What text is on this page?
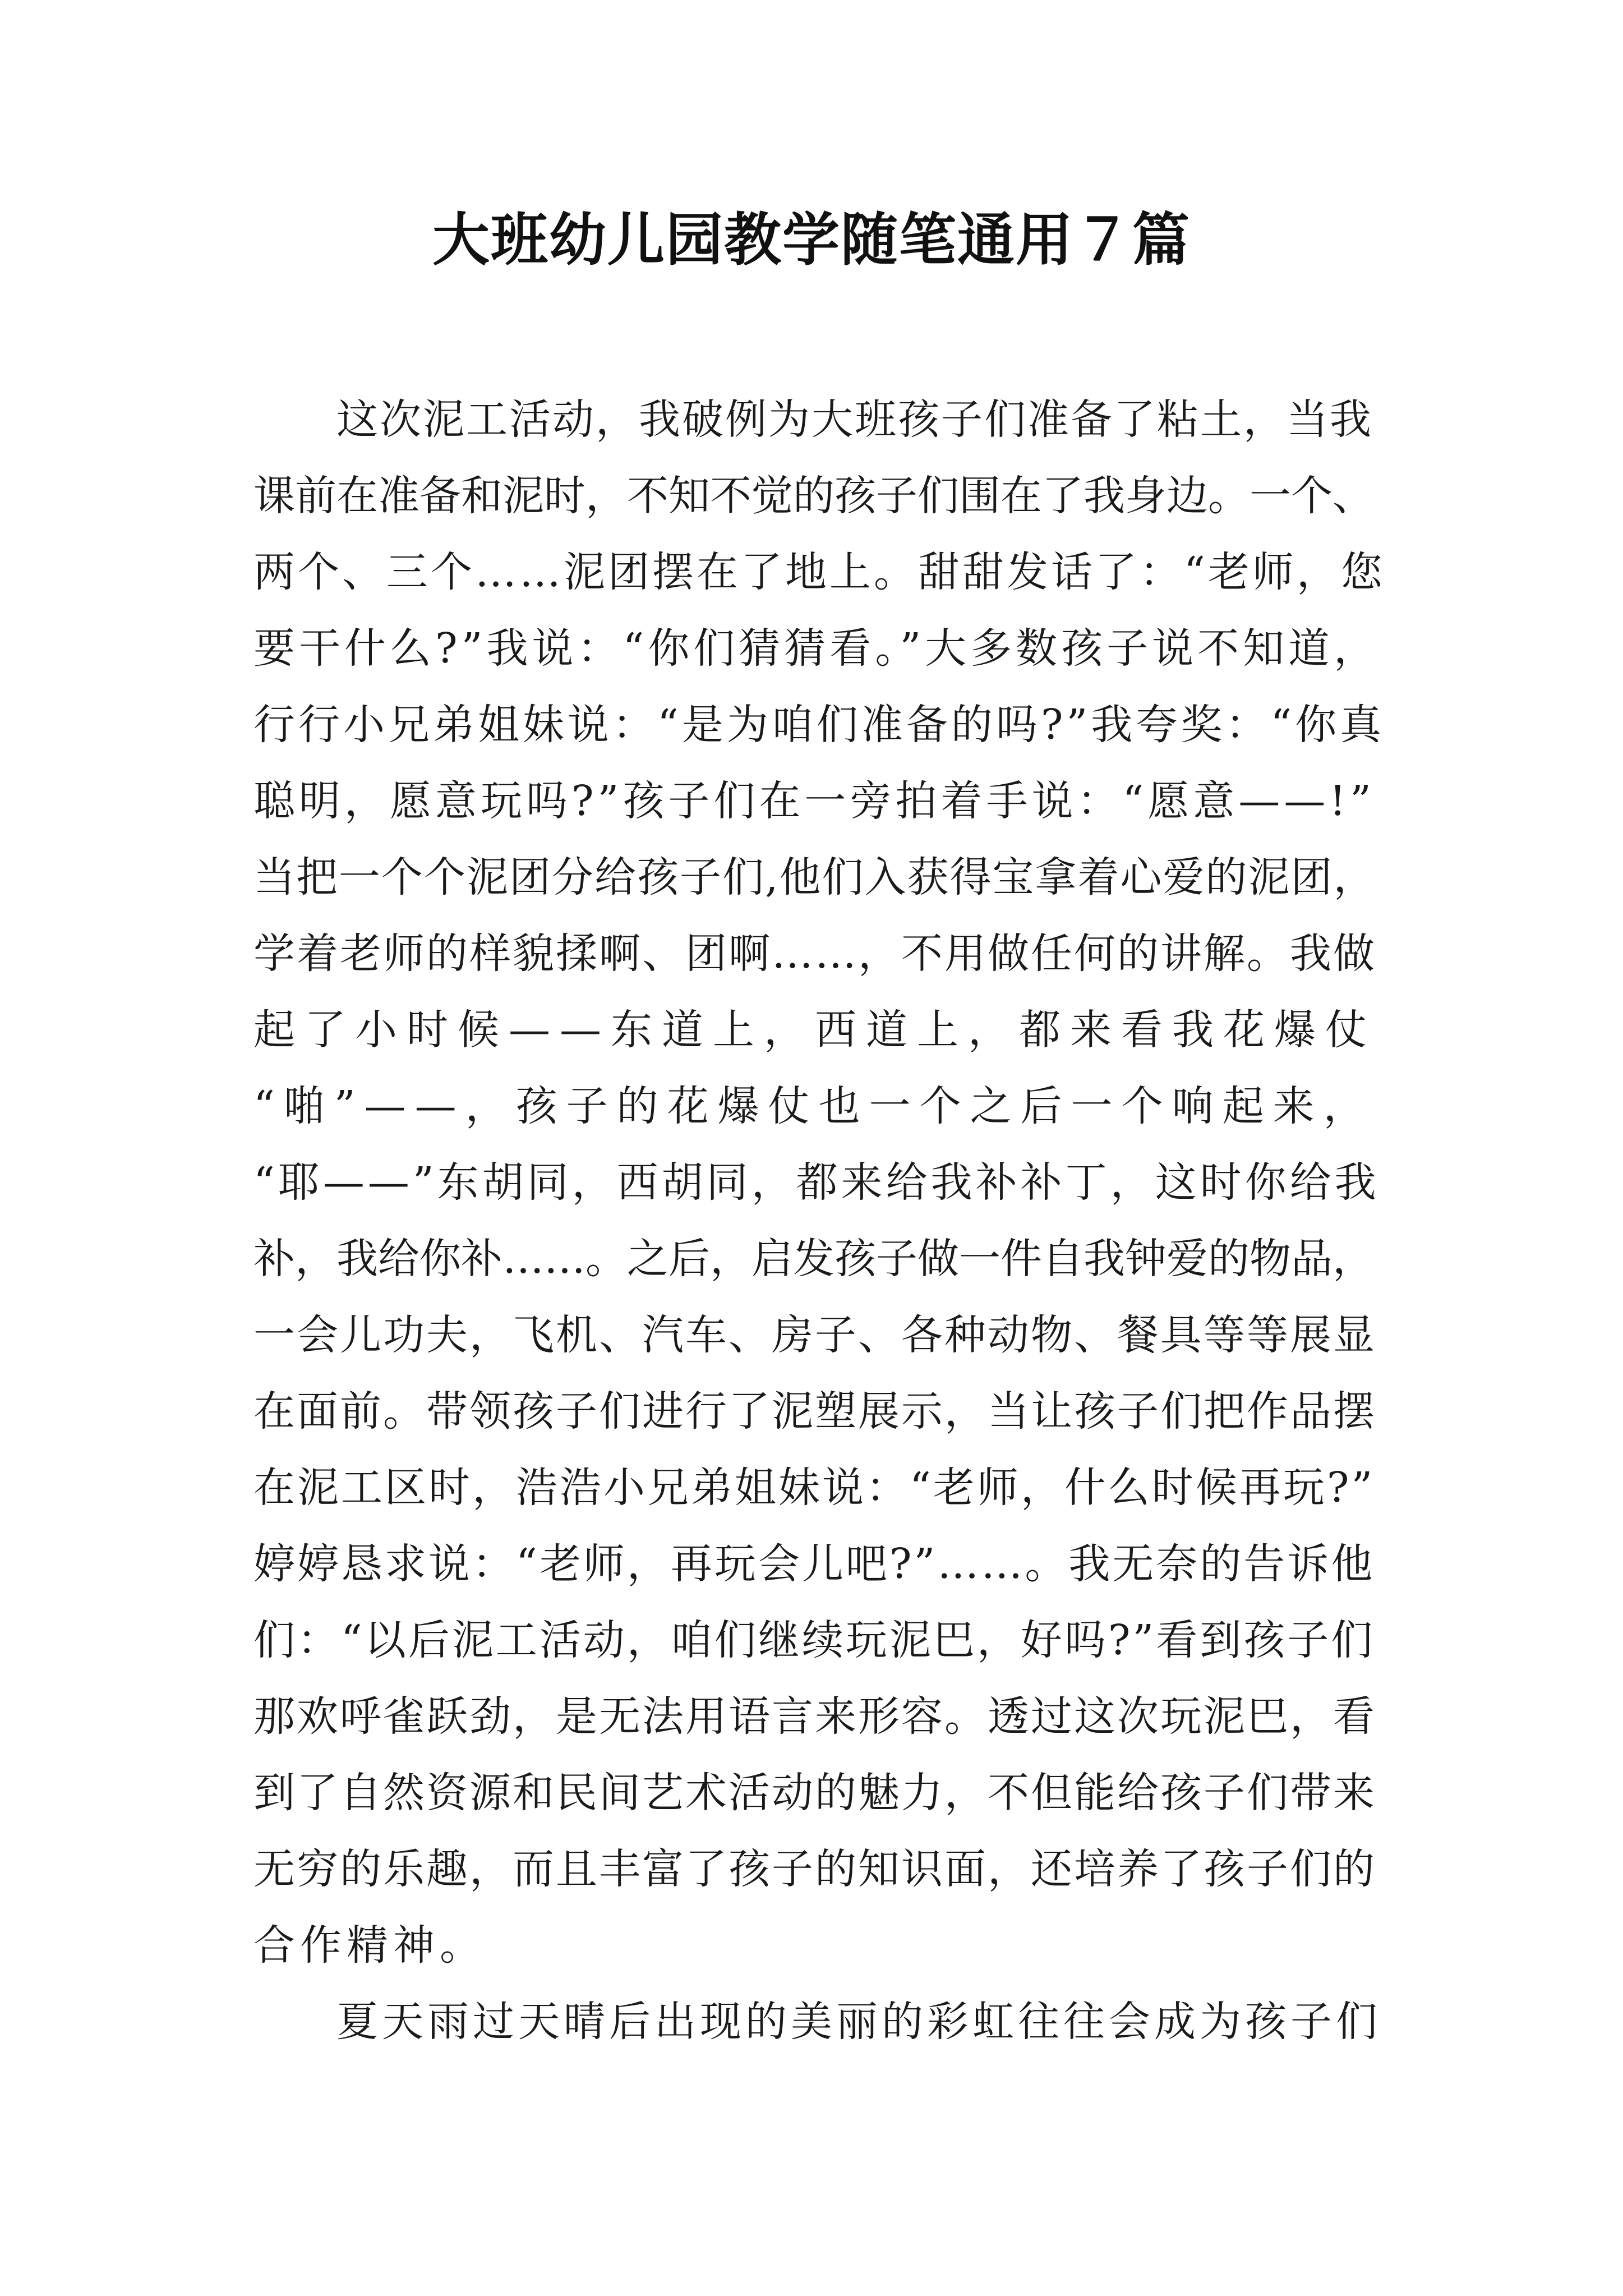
大班幼儿园教学随笔通用７篇
这次泥工活动，我破例为大班孩子们准备了粘土，当我
课前在准备和泥时，不知不觉的孩子们围在了我身边。一个、
两个、三个……泥团摆在了地上。甜甜发话了：“老师，您
要干什么?”我说：“你们猜猜看。”大多数孩子说不知道，
行行小兄弟姐妹说：“是为咱们准备的吗?”我夸奖：“你真
聪明，愿意玩吗?”孩子们在一旁拍着手说：“愿意——!”
当把一个个泥团分给孩子们,他们入获得宝拿着心爱的泥团，
学着老师的样貌揉啊、团啊……，不用做任何的讲解。我做
起了小时候——东道上，西道上，都来看我花爆仗
“啪”——，孩子的花爆仗也一个之后一个响起来，
“耶——”东胡同，西胡同，都来给我补补丁，这时你给我
补，我给你补……。之后，启发孩子做一件自我钟爱的物品，
一会儿功夫，飞机、汽车、房子、各种动物、餐具等等展显
在面前。带领孩子们进行了泥塑展示，当让孩子们把作品摆
在泥工区时，浩浩小兄弟姐妹说：“老师，什么时候再玩?”
婷婷恳求说：“老师，再玩会儿吧?”……。我无奈的告诉他
们：“以后泥工活动，咱们继续玩泥巴，好吗?”看到孩子们
那欢呼雀跃劲，是无法用语言来形容。透过这次玩泥巴，看
到了自然资源和民间艺术活动的魅力，不但能给孩子们带来
无穷的乐趣，而且丰富了孩子的知识面，还培养了孩子们的
合作精神。
夏天雨过天晴后出现的美丽的彩虹往往会成为孩子们
